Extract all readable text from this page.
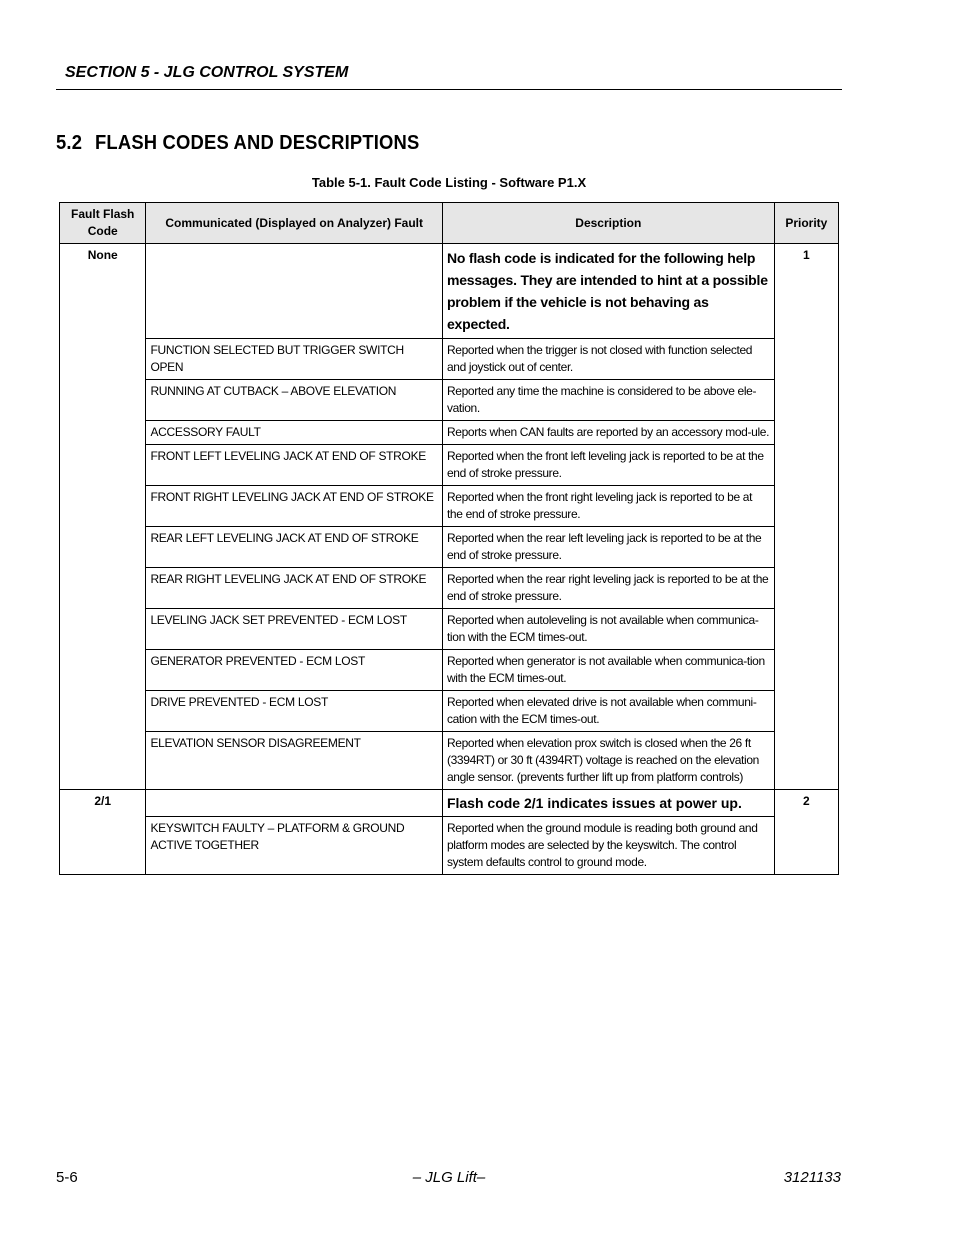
SECTION 5 - JLG CONTROL SYSTEM
5.2 FLASH CODES AND DESCRIPTIONS
Table 5-1. Fault Code Listing - Software P1.X
Fault Flash Code	Communicated (Displayed on Analyzer) Fault	Description	Priority
None		No flash code is indicated for the following help messages. They are intended to hint at a possible problem if the vehicle is not behaving as expected.	1
	FUNCTION SELECTED BUT TRIGGER SWITCH OPEN	Reported when the trigger is not closed with function selected and joystick out of center.	
	RUNNING AT CUTBACK – ABOVE ELEVATION	Reported any time the machine is considered to be above ele-vation.	
	ACCESSORY FAULT	Reports when CAN faults are reported by an accessory mod-ule.	
	FRONT LEFT LEVELING JACK AT END OF STROKE	Reported when the front left leveling jack is reported to be at the end of stroke pressure.	
	FRONT RIGHT LEVELING JACK AT END OF STROKE	Reported when the front right leveling jack is reported to be at the end of stroke pressure.	
	REAR LEFT LEVELING JACK AT END OF STROKE	Reported when the rear left leveling jack is reported to be at the end of stroke pressure.	
	REAR RIGHT LEVELING JACK AT END OF STROKE	Reported when the rear right leveling jack is reported to be at the end of stroke pressure.	
	LEVELING JACK SET PREVENTED - ECM LOST	Reported when autoleveling is not available when communica-tion with the ECM times-out.	
	GENERATOR PREVENTED - ECM LOST	Reported when generator is not available when communica-tion with the ECM times-out.	
	DRIVE PREVENTED - ECM LOST	Reported when elevated drive is not available when communi-cation with the ECM times-out.	
	ELEVATION SENSOR DISAGREEMENT	Reported when elevation prox switch is closed when the 26 ft (3394RT) or 30 ft (4394RT) voltage is reached on the elevation angle sensor. (prevents further lift up from platform controls)	
2/1		Flash code 2/1 indicates issues at power up.	2
	KEYSWITCH FAULTY – PLATFORM & GROUND ACTIVE TOGETHER	Reported when the ground module is reading both ground and platform modes are selected by the keyswitch. The control system defaults control to ground mode.	
5-6	– JLG Lift–	3121133
